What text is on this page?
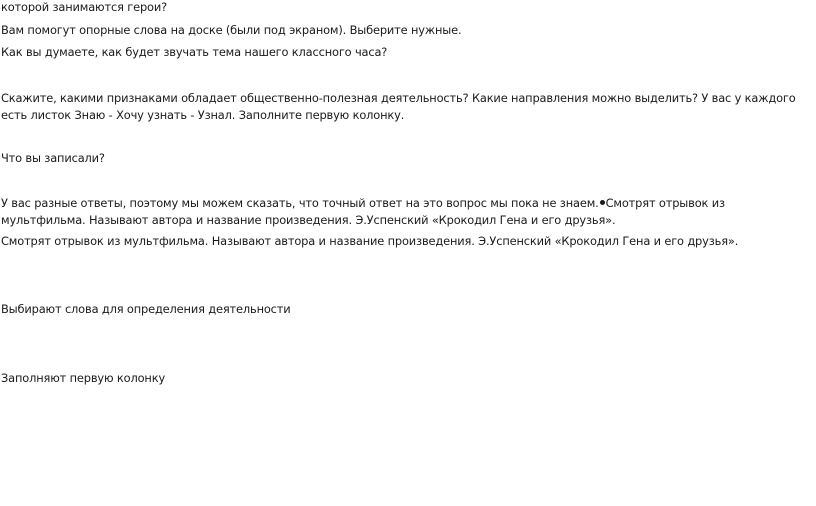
которой занимаются герои?

Вам помогут опорные слова на доске (были под экраном). Выберите нужные.

Как вы думаете, как будет звучать тема нашего классного часа?

Скажите, какими признаками обладает общественно-полезная деятельность? Какие направления можно выделить? У вас у каждого есть листок Знаю - Хочу узнать - Узнал. Заполните первую колонку.

Что вы записали?

У вас разные ответы, поэтому мы можем сказать, что точный ответ на это вопрос мы пока не знаем. Смотрят отрывок из мультфильма. Называют автора и название произведения. Э.Успенский «Крокодил Гена и его друзья».

Смотрят отрывок из мультфильма. Называют автора и название произведения. Э.Успенский «Крокодил Гена и его друзья».

Выбирают слова для определения деятельности

Заполняют первую колонку
